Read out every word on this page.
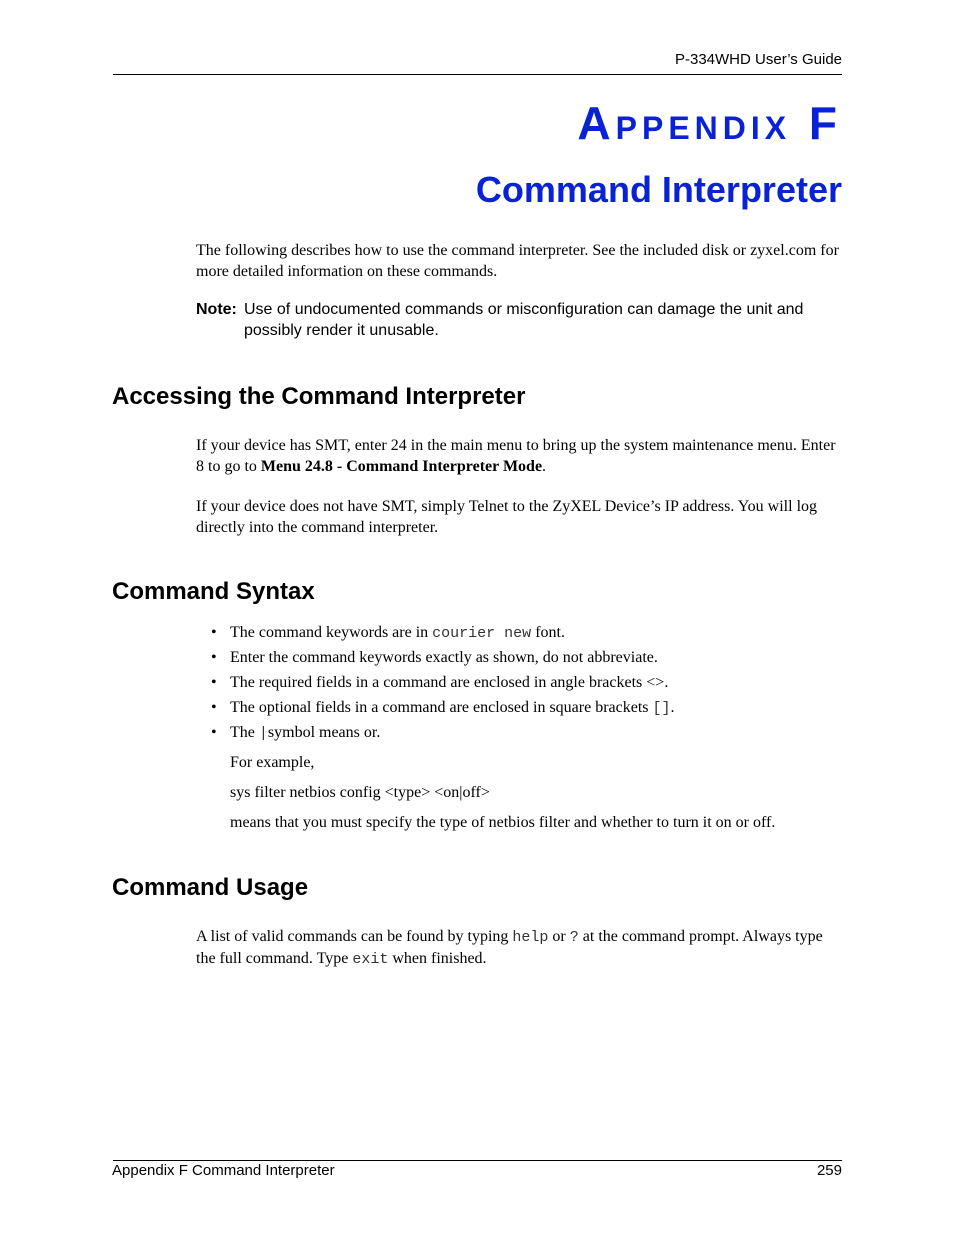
P-334WHD User’s Guide
Appendix F
Command Interpreter
The following describes how to use the command interpreter. See the included disk or zyxel.com for more detailed information on these commands.
Note: Use of undocumented commands or misconfiguration can damage the unit and possibly render it unusable.
Accessing the Command Interpreter
If your device has SMT, enter 24 in the main menu to bring up the system maintenance menu. Enter 8 to go to Menu 24.8 - Command Interpreter Mode.
If your device does not have SMT, simply Telnet to the ZyXEL Device’s IP address. You will log directly into the command interpreter.
Command Syntax
• The command keywords are in courier new font.
• Enter the command keywords exactly as shown, do not abbreviate.
• The required fields in a command are enclosed in angle brackets <>.
• The optional fields in a command are enclosed in square brackets [].
• The |symbol means or.
For example,
sys filter netbios config <type> <on|off>
means that you must specify the type of netbios filter and whether to turn it on or off.
Command Usage
A list of valid commands can be found by typing help or ? at the command prompt. Always type the full command. Type exit when finished.
Appendix F Command Interpreter	259
